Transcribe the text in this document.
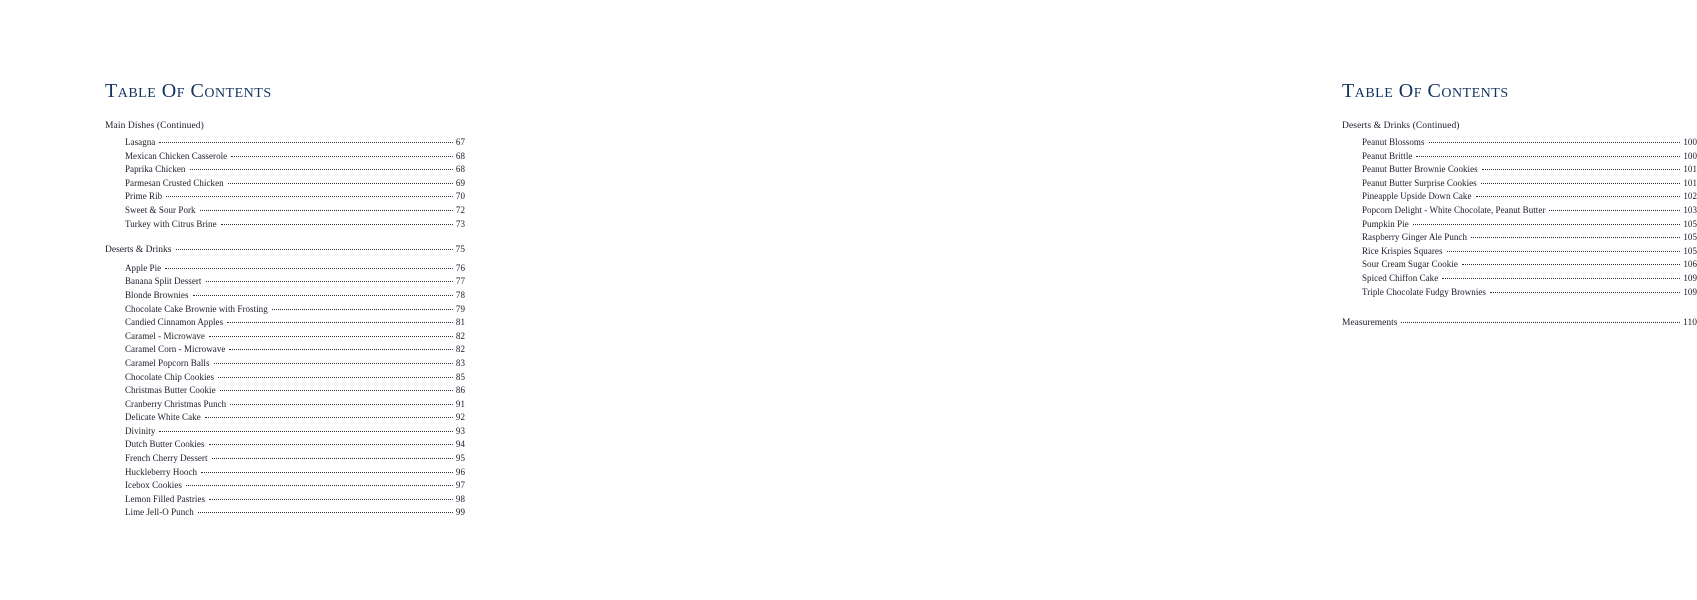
Table Of Contents
Main Dishes (Continued)
Lasagna	67
Mexican Chicken Casserole	68
Paprika Chicken	68
Parmesan Crusted Chicken	69
Prime Rib	70
Sweet & Sour Pork	72
Turkey with Citrus Brine	73
Deserts & Drinks	75
Apple Pie	76
Banana Split Dessert	77
Blonde Brownies	78
Chocolate Cake Brownie with Frosting	79
Candied Cinnamon Apples	81
Caramel - Microwave	82
Caramel Corn - Microwave	82
Caramel Popcorn Balls	83
Chocolate Chip Cookies	85
Christmas Butter Cookie	86
Cranberry Christmas Punch	91
Delicate White Cake	92
Divinity	93
Dutch Butter Cookies	94
French Cherry Dessert	95
Huckleberry Hooch	96
Icebox Cookies	97
Lemon Filled Pastries	98
Lime Jell-O Punch	99
Table Of Contents
Deserts & Drinks (Continued)
Peanut Blossoms	100
Peanut Brittle	100
Peanut Butter Brownie Cookies	101
Peanut Butter Surprise Cookies	101
Pineapple Upside Down Cake	102
Popcorn Delight - White Chocolate, Peanut Butter	103
Pumpkin Pie	105
Raspberry Ginger Ale Punch	105
Rice Krispies Squares	105
Sour Cream Sugar Cookie	106
Spiced Chiffon Cake	109
Triple Chocolate Fudgy Brownies	109
Measurements	110
